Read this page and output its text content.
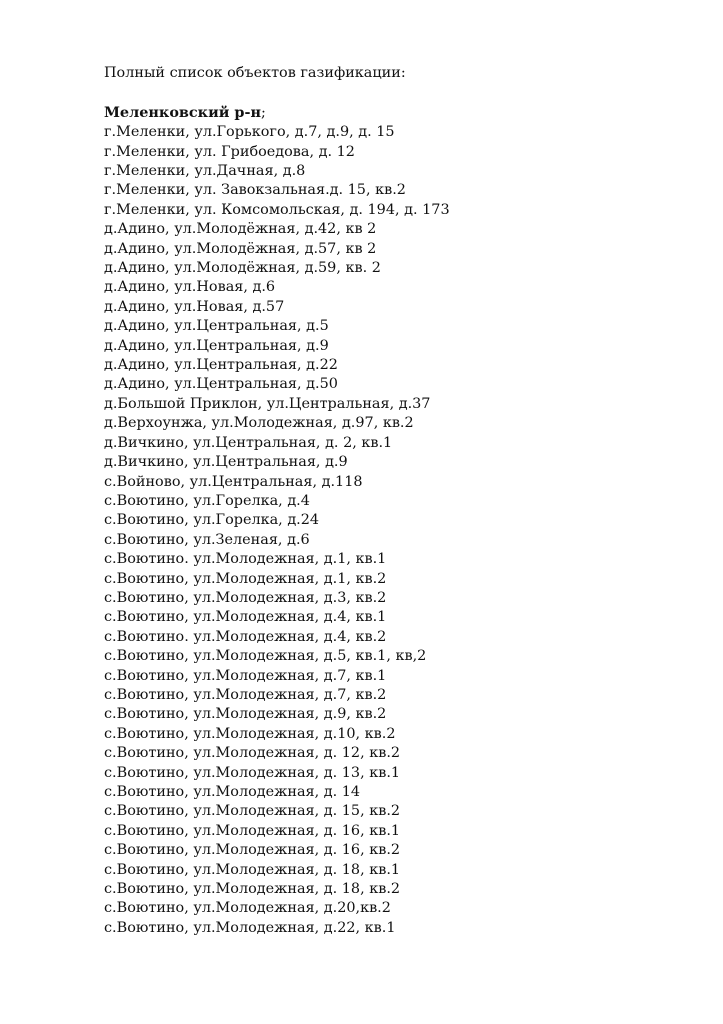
Полный список объектов газификации:

Меленковский р-н;

г.Меленки, ул.Горького, д.7, д.9, д. 15
г.Меленки, ул. Грибоедова, д. 12
г.Меленки, ул.Дачная, д.8
г.Меленки, ул. Завокзальная.д. 15, кв.2
г.Меленки, ул. Комсомольская, д. 194, д. 173
д.Адино, ул.Молодёжная, д.42, кв 2
д.Адино, ул.Молодёжная, д.57, кв 2
д.Адино, ул.Молодёжная, д.59, кв. 2
д.Адино, ул.Новая, д.6
д.Адино, ул.Новая, д.57
д.Адино, ул.Центральная, д.5
д.Адино, ул.Центральная, д.9
д.Адино, ул.Центральная, д.22
д.Адино, ул.Центральная, д.50
д.Большой Приклон, ул.Центральная, д.37
д.Верхоунжа, ул.Молодежная, д.97, кв.2
д.Вичкино, ул.Центральная, д. 2, кв.1
д.Вичкино, ул.Центральная, д.9
с.Войново, ул.Центральная, д.118
с.Воютино, ул.Горелка, д.4
с.Воютино, ул.Горелка, д.24
с.Воютино, ул.Зеленая, д.6
с.Воютино. ул.Молодежная, д.1, кв.1
с.Воютино, ул.Молодежная, д.1, кв.2
с.Воютино, ул.Молодежная, д.3, кв.2
с.Воютино, ул.Молодежная, д.4, кв.1
с.Воютино. ул.Молодежная, д.4, кв.2
с.Воютино, ул.Молодежная, д.5, кв.1, кв,2
с.Воютино, ул.Молодежная, д.7, кв.1
с.Воютино, ул.Молодежная, д.7, кв.2
с.Воютино, ул.Молодежная, д.9, кв.2
с.Воютино, ул.Молодежная, д.10, кв.2
с.Воютино, ул.Молодежная, д. 12, кв.2
с.Воютино, ул.Молодежная, д. 13, кв.1
с.Воютино, ул.Молодежная, д. 14
с.Воютино, ул.Молодежная, д. 15, кв.2
с.Воютино, ул.Молодежная, д. 16, кв.1
с.Воютино, ул.Молодежная, д. 16, кв.2
с.Воютино, ул.Молодежная, д. 18, кв.1
с.Воютино, ул.Молодежная, д. 18, кв.2
с.Воютино, ул.Молодежная, д.20,кв.2
с.Воютино, ул.Молодежная, д.22, кв.1
